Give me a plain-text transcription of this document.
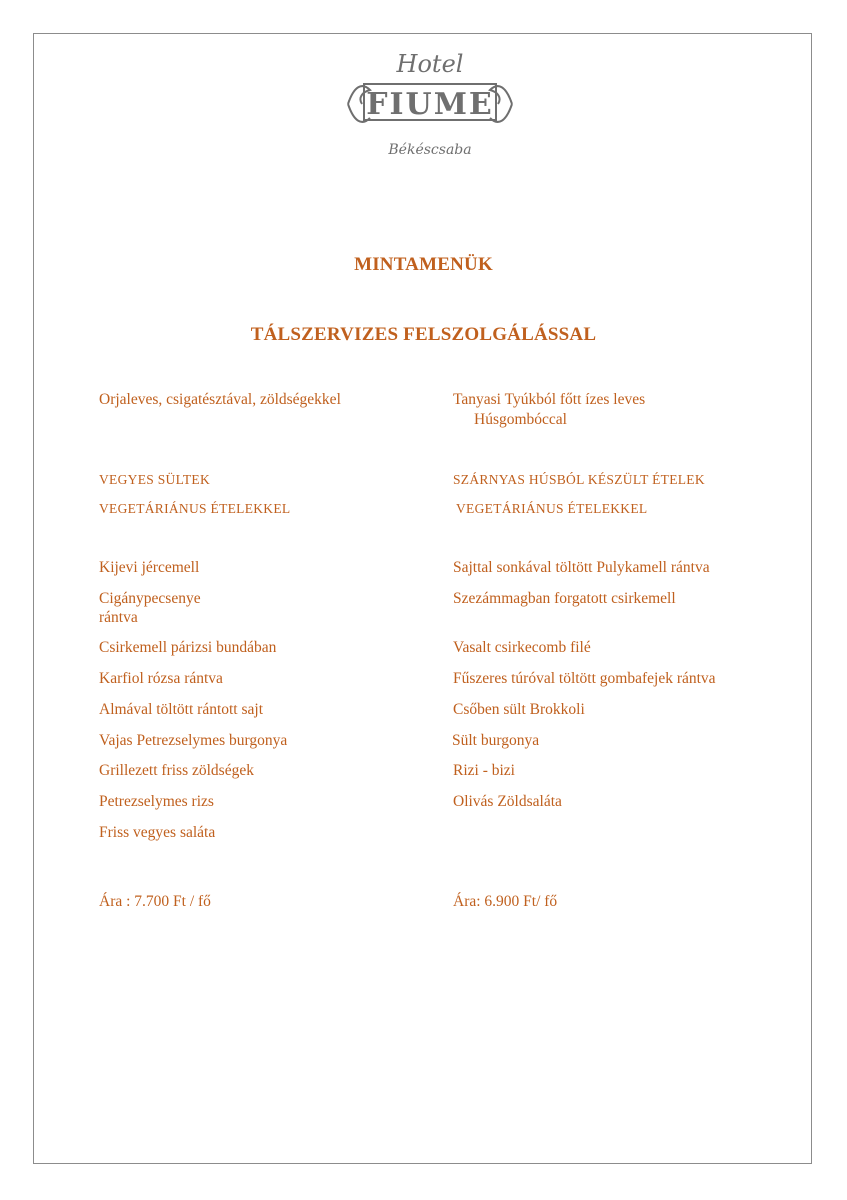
Hotel
FIUME
Békéscsaba
MINTAMENÜK
TÁLSZERVIZES FELSZOLGÁLÁSSAL
Orjaleves, csigatésztával, zöldségekkel
VEGYES SÜLTEK
VEGETÁRIÁNUS ÉTELEKKEL
Kijevi jércemell
Cigánypecsenye
rántva
Csirkemell párizsi bundában
Karfiol rózsa rántva
Almával töltött rántott sajt
Vajas Petrezselymes burgonya
Grillezett friss zöldségek
Petrezselymes rizs
Friss vegyes saláta
Ára : 7.700 Ft / fő
Tanyasi Tyúkból főtt ízes leves
Húsgombóccal
SZÁRNYAS HÚSBÓL KÉSZÜLT ÉTELEK
VEGETÁRIÁNUS ÉTELEKKEL
Sajttal sonkával töltött Pulykamell rántva
Szezámmagban forgatott csirkemell
Vasalt csirkecomb filé
Fűszeres túróval töltött gombafejek rántva
Csőben sült Brokkoli
Sült burgonya
Rizi - bizi
Olivás Zöldsaláta
Ára: 6.900 Ft/ fő
